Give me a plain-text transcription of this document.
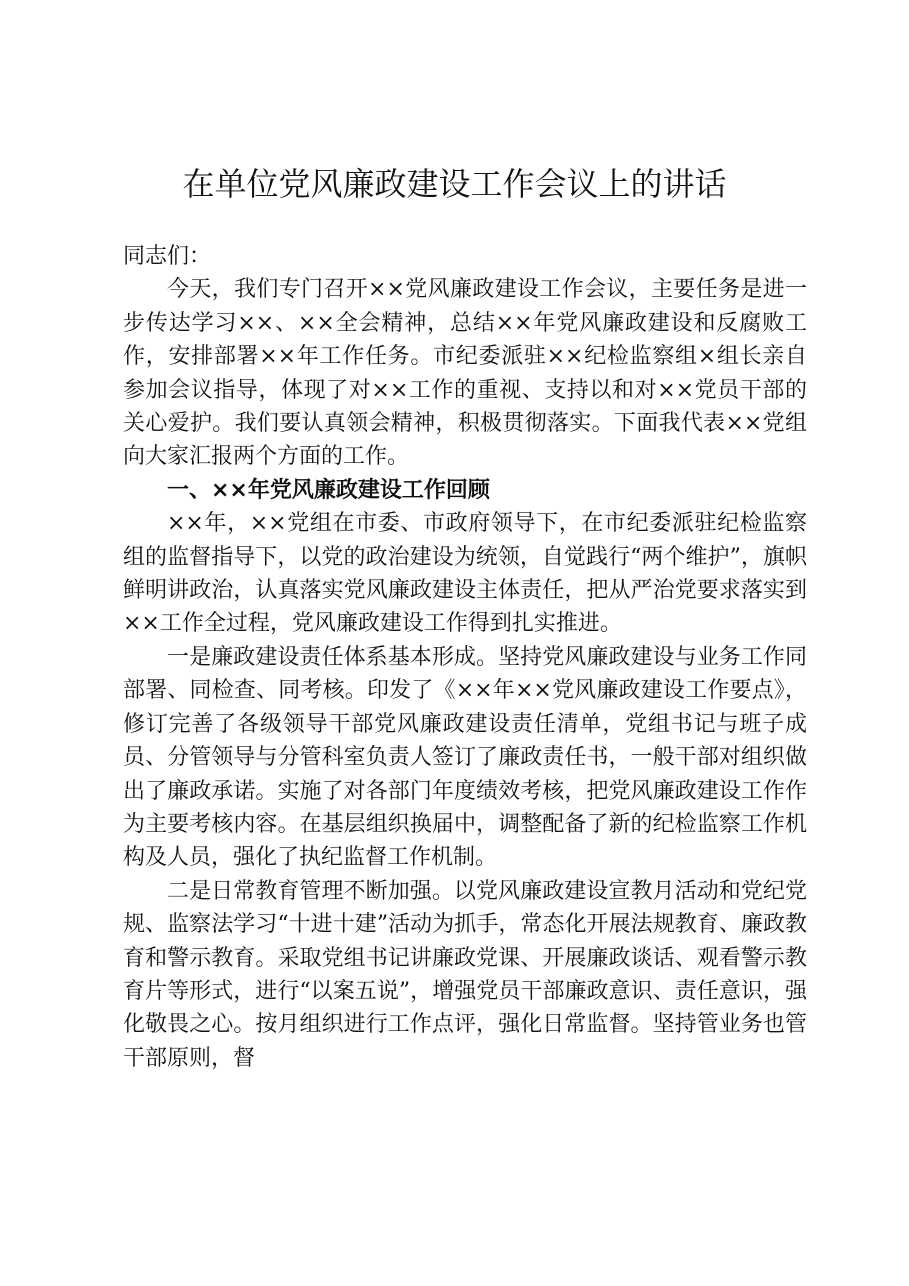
在单位党风廉政建设工作会议上的讲话

同志们：

今天，我们专门召开××党风廉政建设工作会议，主要任务是进一步传达学习××、××全会精神，总结××年党风廉政建设和反腐败工作，安排部署××年工作任务。市纪委派驻××纪检监察组×组长亲自参加会议指导，体现了对××工作的重视、支持以和对××党员干部的关心爱护。我们要认真领会精神，积极贯彻落实。下面我代表××党组向大家汇报两个方面的工作。

一、××年党风廉政建设工作回顾

××年，××党组在市委、市政府领导下，在市纪委派驻纪检监察组的监督指导下，以党的政治建设为统领，自觉践行“两个维护”，旗帜鲜明讲政治，认真落实党风廉政建设主体责任，把从严治党要求落实到××工作全过程，党风廉政建设工作得到扎实推进。

一是廉政建设责任体系基本形成。坚持党风廉政建设与业务工作同部署、同检查、同考核。印发了《××年××党风廉政建设工作要点》，修订完善了各级领导干部党风廉政建设责任清单，党组书记与班子成员、分管领导与分管科室负责人签订了廉政责任书，一般干部对组织做出了廉政承诺。实施了对各部门年度绩效考核，把党风廉政建设工作作为主要考核内容。在基层组织换届中，调整配备了新的纪检监察工作机构及人员，强化了执纪监督工作机制。

二是日常教育管理不断加强。以党风廉政建设宣教月活动和党纪党规、监察法学习“十进十建”活动为抓手，常态化开展法规教育、廉政教育和警示教育。采取党组书记讲廉政党课、开展廉政谈话、观看警示教育片等形式，进行“以案五说”，增强党员干部廉政意识、责任意识，强化敬畏之心。按月组织进行工作点评，强化日常监督。坚持管业务也管干部原则，督
